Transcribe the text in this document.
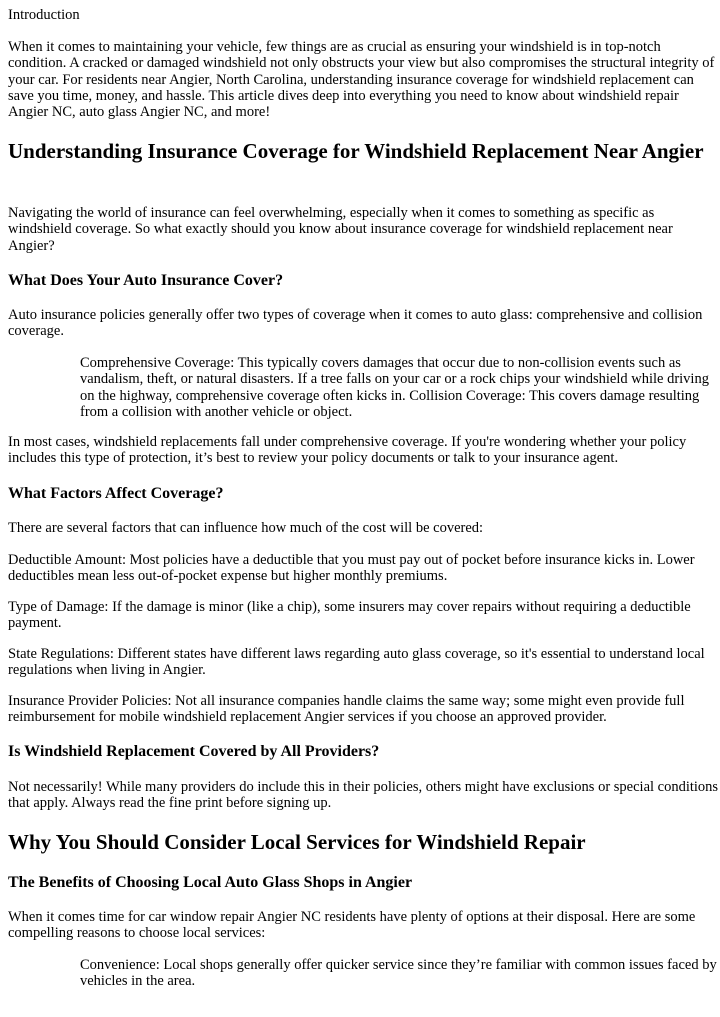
Introduction

When it comes to maintaining your vehicle, few things are as crucial as ensuring your windshield is in top-notch condition. A cracked or damaged windshield not only obstructs your view but also compromises the structural integrity of your car. For residents near Angier, North Carolina, understanding insurance coverage for windshield replacement can save you time, money, and hassle. This article dives deep into everything you need to know about windshield repair Angier NC, auto glass Angier NC, and more!

Understanding Insurance Coverage for Windshield Replacement Near Angier

Navigating the world of insurance can feel overwhelming, especially when it comes to something as specific as windshield coverage. So what exactly should you know about insurance coverage for windshield replacement near Angier?

What Does Your Auto Insurance Cover?

Auto insurance policies generally offer two types of coverage when it comes to auto glass: comprehensive and collision coverage.

Comprehensive Coverage: This typically covers damages that occur due to non-collision events such as vandalism, theft, or natural disasters. If a tree falls on your car or a rock chips your windshield while driving on the highway, comprehensive coverage often kicks in. Collision Coverage: This covers damage resulting from a collision with another vehicle or object.

In most cases, windshield replacements fall under comprehensive coverage. If you're wondering whether your policy includes this type of protection, it’s best to review your policy documents or talk to your insurance agent.

What Factors Affect Coverage?

There are several factors that can influence how much of the cost will be covered:

Deductible Amount: Most policies have a deductible that you must pay out of pocket before insurance kicks in. Lower deductibles mean less out-of-pocket expense but higher monthly premiums.

Type of Damage: If the damage is minor (like a chip), some insurers may cover repairs without requiring a deductible payment.

State Regulations: Different states have different laws regarding auto glass coverage, so it's essential to understand local regulations when living in Angier.

Insurance Provider Policies: Not all insurance companies handle claims the same way; some might even provide full reimbursement for mobile windshield replacement Angier services if you choose an approved provider.

Is Windshield Replacement Covered by All Providers?

Not necessarily! While many providers do include this in their policies, others might have exclusions or special conditions that apply. Always read the fine print before signing up.

Why You Should Consider Local Services for Windshield Repair
The Benefits of Choosing Local Auto Glass Shops in Angier

When it comes time for car window repair Angier NC residents have plenty of options at their disposal. Here are some compelling reasons to choose local services:

Convenience: Local shops generally offer quicker service since they’re familiar with common issues faced by vehicles in the area.
